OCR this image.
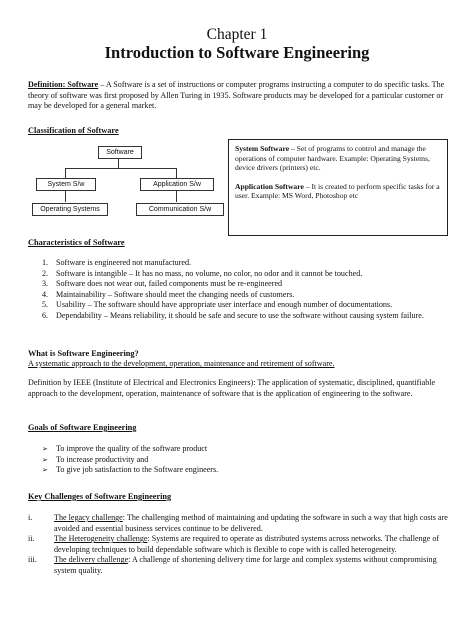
Chapter 1
Introduction to Software Engineering
Definition: Software – A Software is a set of instructions or computer programs instructing a computer to do specific tasks. The theory of software was first proposed by Allen Turing in 1935. Software products may be developed for a particular customer or may be developed for a general market.
Classification of Software
Software
System S/w	Application S/w
Operating Systems	Communication S/w

System Software – Set of programs to control and manage the operations of computer hardware. Example: Operating Systems, device drivers (printers) etc.

Application Software – It is created to perform specific tasks for a user. Example: MS Word, Photoshop etc

Characteristics of Software
1. Software is engineered not manufactured.
2. Software is intangible – It has no mass, no volume, no color, no odor and it cannot be touched.
3. Software does not wear out, failed components must be re-engineered
4. Maintainability – Software should meet the changing needs of customers.
5. Usability – The software should have appropriate user interface and enough number of documentations.
6. Dependability – Means reliability, it should be safe and secure to use the software without causing system failure.
What is Software Engineering?
A systematic approach to the development, operation, maintenance and retirement of software.
Definition by IEEE (Institute of Electrical and Electronics Engineers): The application of systematic, disciplined, quantifiable approach to the development, operation, maintenance of software that is the application of engineering to the software.
Goals of Software Engineering
➢ To improve the quality of the software product
➢ To increase productivity and
➢ To give job satisfaction to the Software engineers.
Key Challenges of Software Engineering
i.	The legacy challenge: The challenging method of maintaining and updating the software in such a way that high costs are avoided and essential business services continue to be delivered.
ii. The Heterogeneity challenge: Systems are required to operate as distributed systems across networks. The challenge of developing techniques to build dependable software which is flexible to cope with is called heterogeneity.
iii. The delivery challenge: A challenge of shortening delivery time for large and complex systems without compromising system quality.
